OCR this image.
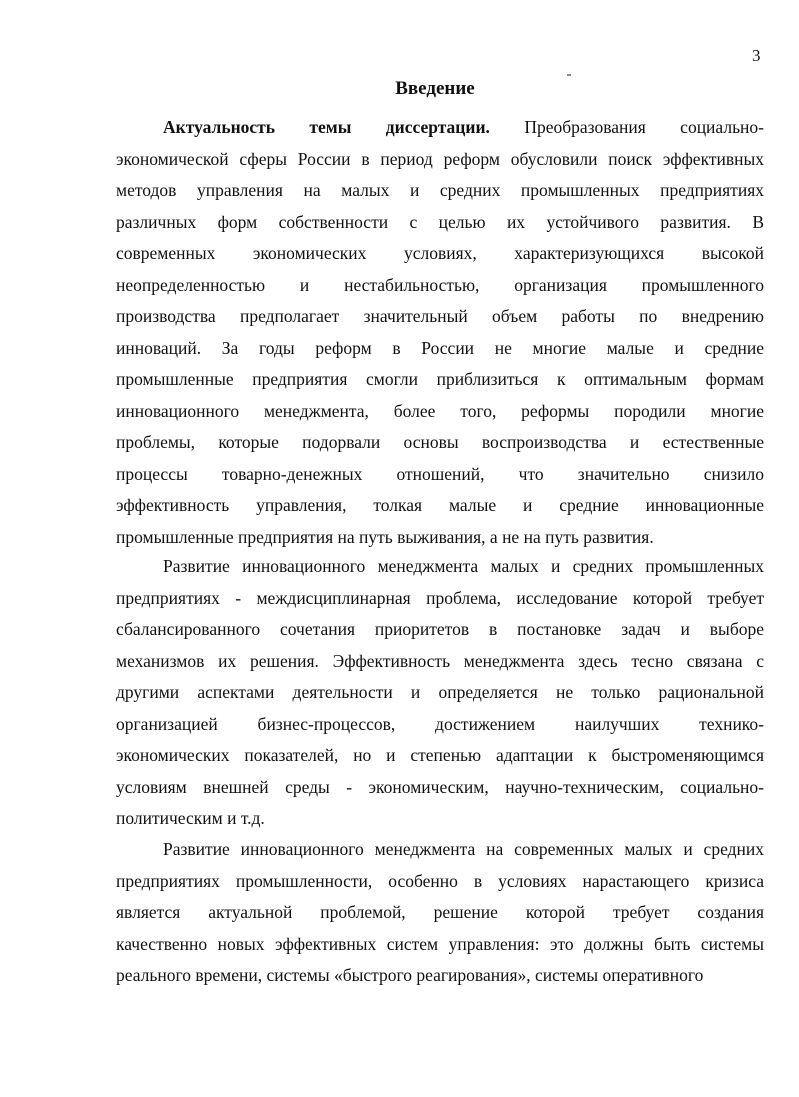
3
Введение
Актуальность темы диссертации. Преобразования социально-
экономической сферы России в период реформ обусловили поиск эффективных
методов управления на малых и средних промышленных предприятиях
различных форм собственности с целью их устойчивого развития. В
современных экономических условиях, характеризующихся высокой
неопределенностью и нестабильностью, организация промышленного
производства предполагает значительный объем работы по внедрению
инноваций. За годы реформ в России не многие малые и средние
промышленные предприятия смогли приблизиться к оптимальным формам
инновационного менеджмента, более того, реформы породили многие
проблемы, которые подорвали основы воспроизводства и естественные
процессы товарно-денежных отношений, что значительно снизило
эффективность управления, толкая малые и средние инновационные
промышленные предприятия на путь выживания, а не на путь развития.
Развитие инновационного менеджмента малых и средних промышленных
предприятиях - междисциплинарная проблема, исследование которой требует
сбалансированного сочетания приоритетов в постановке задач и выборе
механизмов их решения. Эффективность менеджмента здесь тесно связана с
другими аспектами деятельности и определяется не только рациональной
организацией бизнес-процессов, достижением наилучших технико-
экономических показателей, но и степенью адаптации к быстроменяющимся
условиям внешней среды - экономическим, научно-техническим, социально-
политическим и т.д.
Развитие инновационного менеджмента на современных малых и средних
предприятиях промышленности, особенно в условиях нарастающего кризиса
является актуальной проблемой, решение которой требует создания
качественно новых эффективных систем управления: это должны быть системы
реального времени, системы «быстрого реагирования», системы оперативного
